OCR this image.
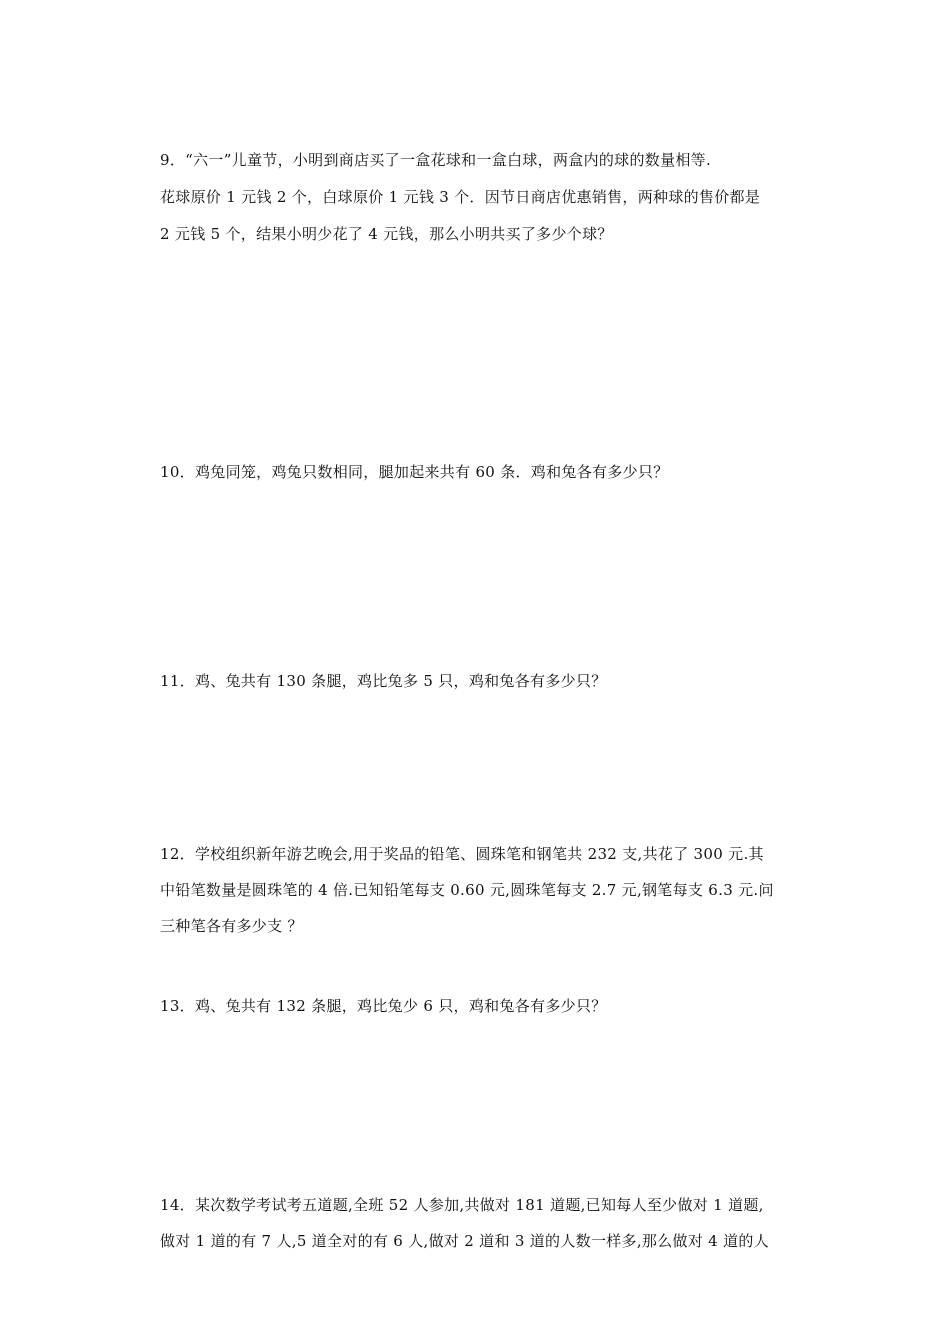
9．“六一”儿童节，小明到商店买了一盒花球和一盒白球，两盒内的球的数量相等.
花球原价 1 元钱 2 个，白球原价 1 元钱 3 个．因节日商店优惠销售，两种球的售价都是
2 元钱 5 个，结果小明少花了 4 元钱，那么小明共买了多少个球？
10．鸡兔同笼，鸡兔只数相同，腿加起来共有 60 条．鸡和兔各有多少只？
11．鸡、兔共有 130 条腿，鸡比兔多 5 只，鸡和兔各有多少只？
12．学校组织新年游艺晚会,用于奖品的铅笔、圆珠笔和钢笔共 232 支,共花了 300 元.其
中铅笔数量是圆珠笔的 4 倍.已知铅笔每支 0.60 元,圆珠笔每支 2.7 元,钢笔每支 6.3 元.问
三种笔各有多少支 ？
13．鸡、兔共有 132 条腿，鸡比兔少 6 只，鸡和兔各有多少只？
14．某次数学考试考五道题,全班 52 人参加,共做对 181 道题,已知每人至少做对 1 道题,
做对 1 道的有 7 人,5 道全对的有 6 人,做对 2 道和 3 道的人数一样多,那么做对 4 道的人
